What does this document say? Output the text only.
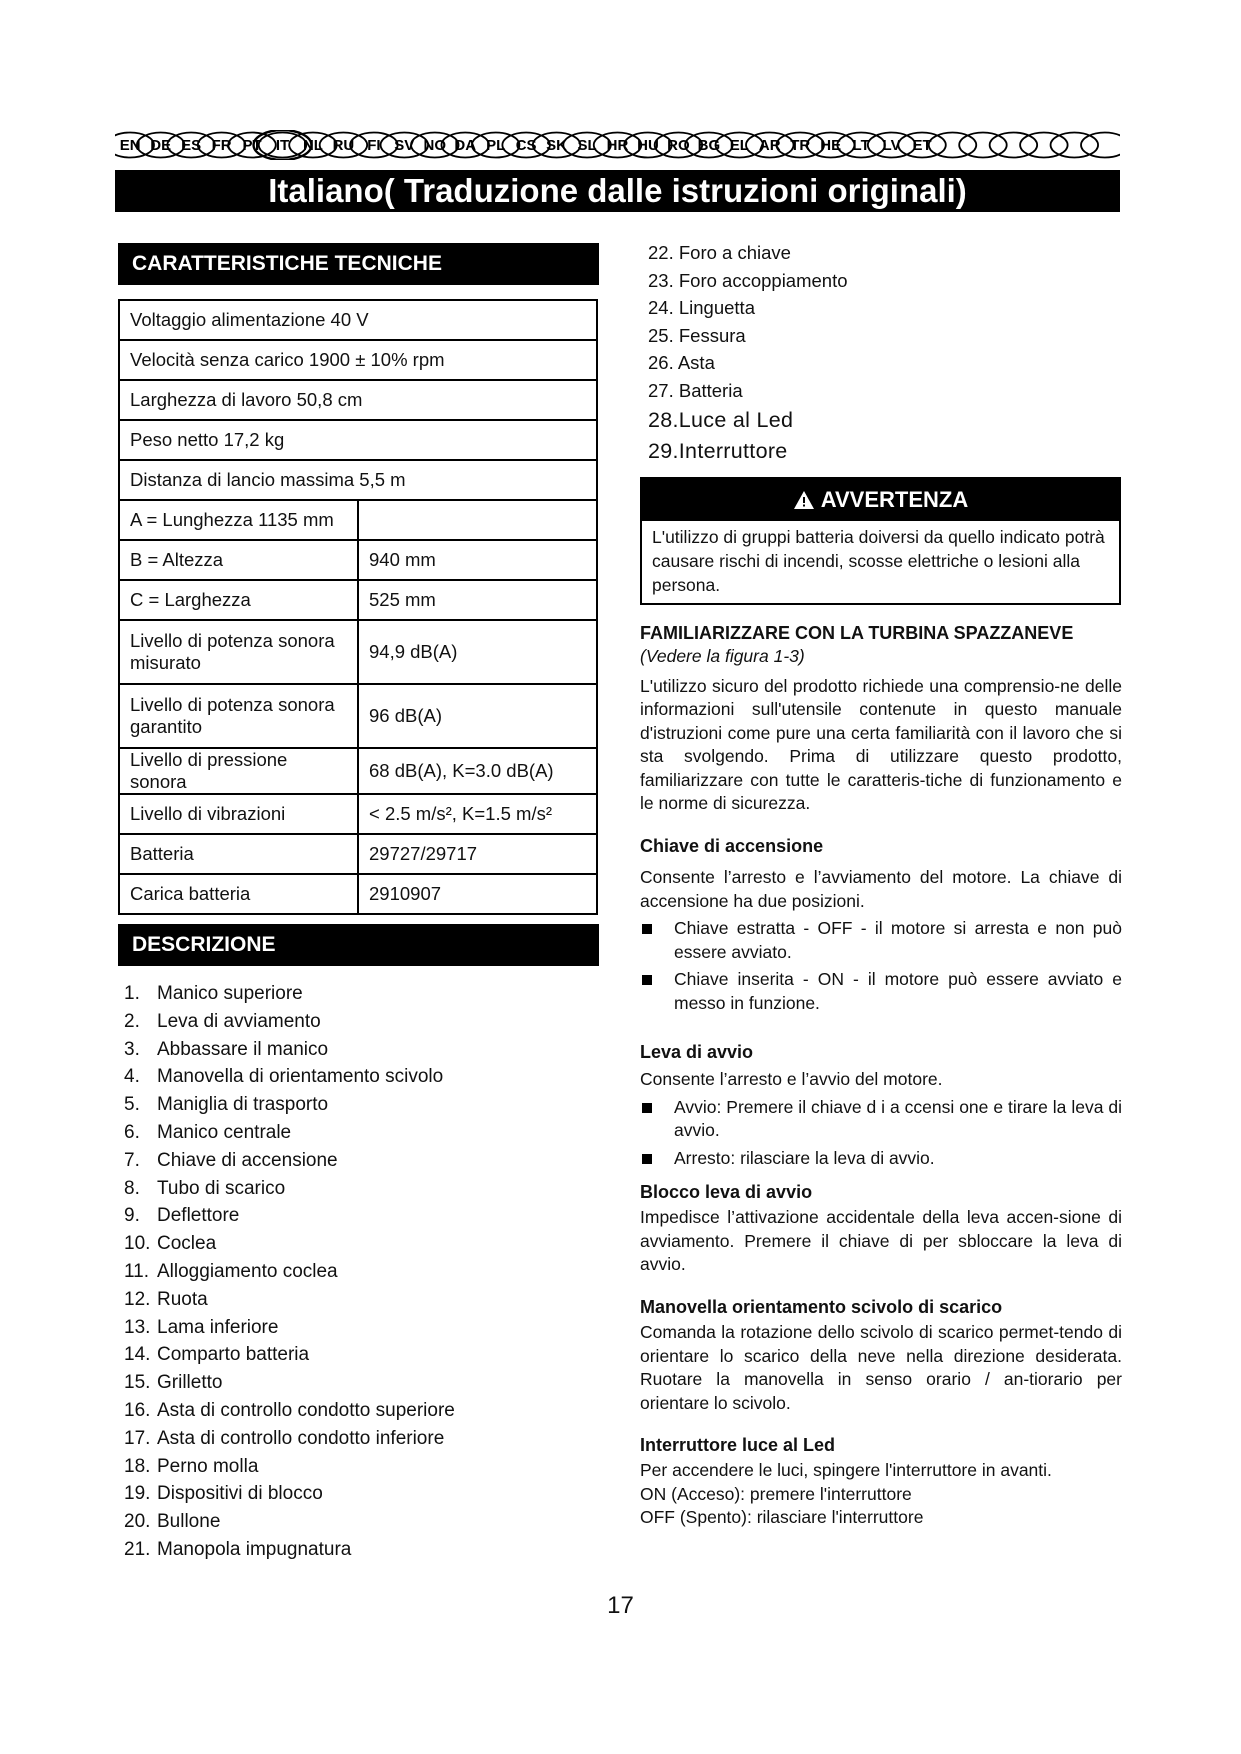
EN DE ES FR PT IT NL RU FI SV NO DA PL CS SK SL HR HU RO BG EL AR TR HE LT LV ET
Italiano( Traduzione dalle istruzioni originali)
CARATTERISTICHE TECNICHE
Voltaggio alimentazione 40 V	
Velocità senza carico 1900 ± 10% rpm	
Larghezza di lavoro 50,8 cm	
Peso netto 17,2 kg	
Distanza di lancio massima 5,5 m	
A = Lunghezza 1135 mm	
B = Altezza	940 mm
C = Larghezza	525 mm
Livello di potenza sonora misurato	94,9 dB(A)
Livello di potenza sonora garantito	96 dB(A)
Livello di pressione sonora	68 dB(A), K=3.0 dB(A)
Livello di vibrazioni	< 2.5 m/s², K=1.5 m/s²
Batteria	29727/29717
Carica batteria	2910907
DESCRIZIONE
1. Manico superiore
2. Leva di avviamento
3. Abbassare il manico
4. Manovella di orientamento scivolo
5. Maniglia di trasporto
6. Manico centrale
7. Chiave di accensione
8. Tubo di scarico
9. Deflettore
10. Coclea
11. Alloggiamento coclea
12. Ruota
13. Lama inferiore
14. Comparto batteria
15. Grilletto
16. Asta di controllo condotto superiore
17. Asta di controllo condotto inferiore
18. Perno molla
19. Dispositivi di blocco
20. Bullone
21. Manopola impugnatura
22. Foro a chiave
23. Foro accoppiamento
24. Linguetta
25. Fessura
26. Asta
27. Batteria
28.Luce al Led
29.Interruttore
AVVERTENZA
L'utilizzo di gruppi batteria doiversi da quello indicato potrà causare rischi di incendi, scosse elettriche o lesioni alla persona.
FAMILIARIZZARE CON LA TURBINA SPAZZANEVE

(Vedere la figura 1-3)

L'utilizzo sicuro del prodotto richiede una comprensio-ne delle informazioni sull'utensile contenute in questo manuale d'istruzioni come pure una certa familiarità con il lavoro che si sta svolgendo. Prima di utilizzare questo prodotto, familiarizzare con tutte le caratteris-tiche di funzionamento e le norme di sicurezza.

Chiave di accensione

Consente l’arresto e l’avviamento del motore. La chiave di accensione ha due posizioni.

Chiave estratta - OFF - il motore si arresta e non può essere avviato.
Chiave inserita - ON - il motore può essere avviato e messo in funzione.
Leva di avvio

Consente l’arresto e l’avvio del motore.

Avvio: Premere il chiave d i a ccensi one e tirare la leva di avvio.
Arresto: rilasciare la leva di avvio.
Blocco leva di avvio

Impedisce l’attivazione accidentale della leva accen-sione di avviamento. Premere il chiave di per sbloccare la leva di avvio.

Manovella orientamento scivolo di scarico

Comanda la rotazione dello scivolo di scarico permet-tendo di orientare lo scarico della neve nella direzione desiderata. Ruotare la manovella in senso orario / an-tiorario per orientare lo scivolo.

Interruttore luce al Led

Per accendere le luci, spingere l'interruttore in avanti.

ON (Acceso): premere l'interruttore

OFF (Spento): rilasciare l'interruttore

17
